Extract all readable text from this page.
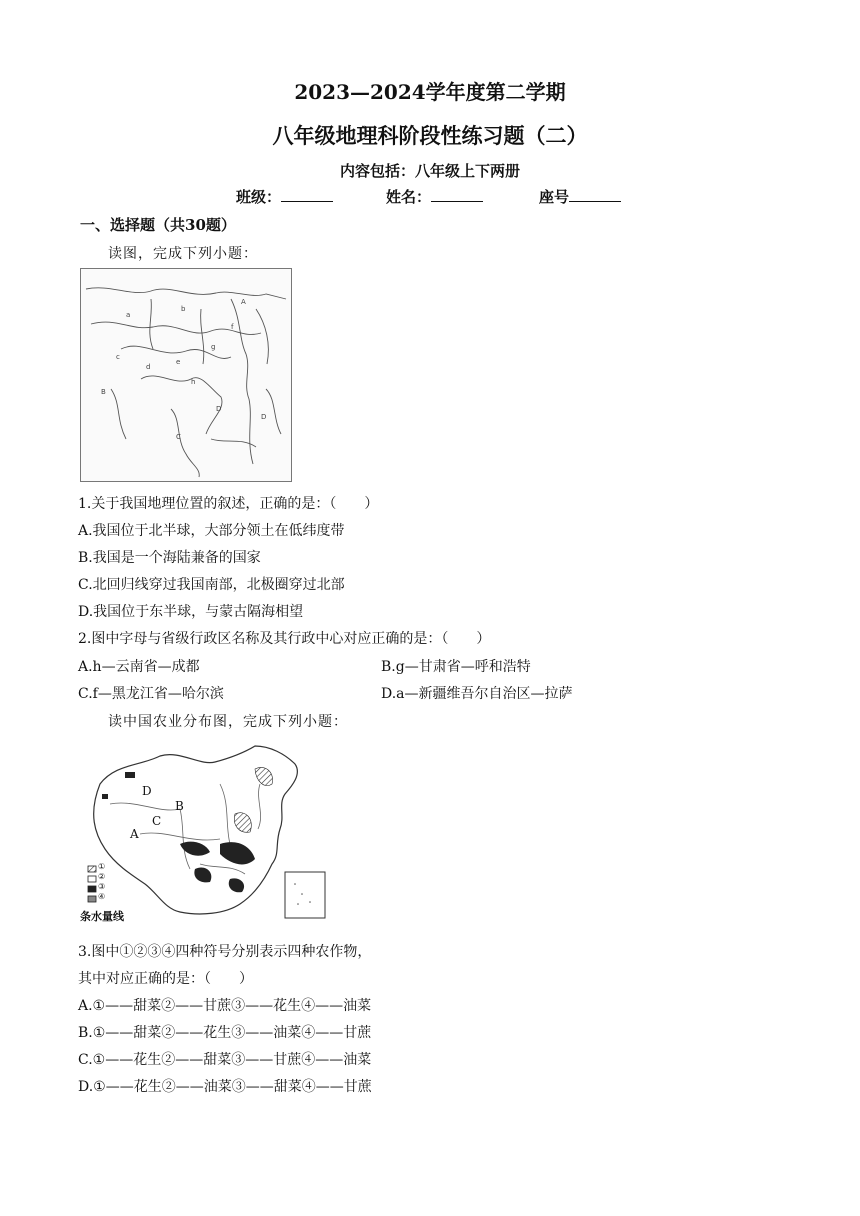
2023—2024学年度第二学期
八年级地理科阶段性练习题（二）
内容包括：八年级上下两册
班级：	姓名：	座号
一、选择题（共30题）
读图，完成下列小题：
a
b
c
d
e
f
g
h
D
D
A
B
C
1.关于我国地理位置的叙述，正确的是：（　　）
A.我国位于北半球，大部分领土在低纬度带
B.我国是一个海陆兼备的国家
C.北回归线穿过我国南部，北极圈穿过北部
D.我国位于东半球，与蒙古隔海相望
2.图中字母与省级行政区名称及其行政中心对应正确的是：（　　）
A.h—云南省—成都	B.g—甘肃省—呼和浩特
C.f—黑龙江省—哈尔滨	D.a—新疆维吾尔自治区—拉萨
读中国农业分布图，完成下列小题：
A
B
C
D
①
②
③
④
条水量线
3.图中①②③④四种符号分别表示四种农作物，
其中对应正确的是：（　　）
A.①——甜菜②——甘蔗③——花生④——油菜
B.①——甜菜②——花生③——油菜④——甘蔗
C.①——花生②——甜菜③——甘蔗④——油菜
D.①——花生②——油菜③——甜菜④——甘蔗
